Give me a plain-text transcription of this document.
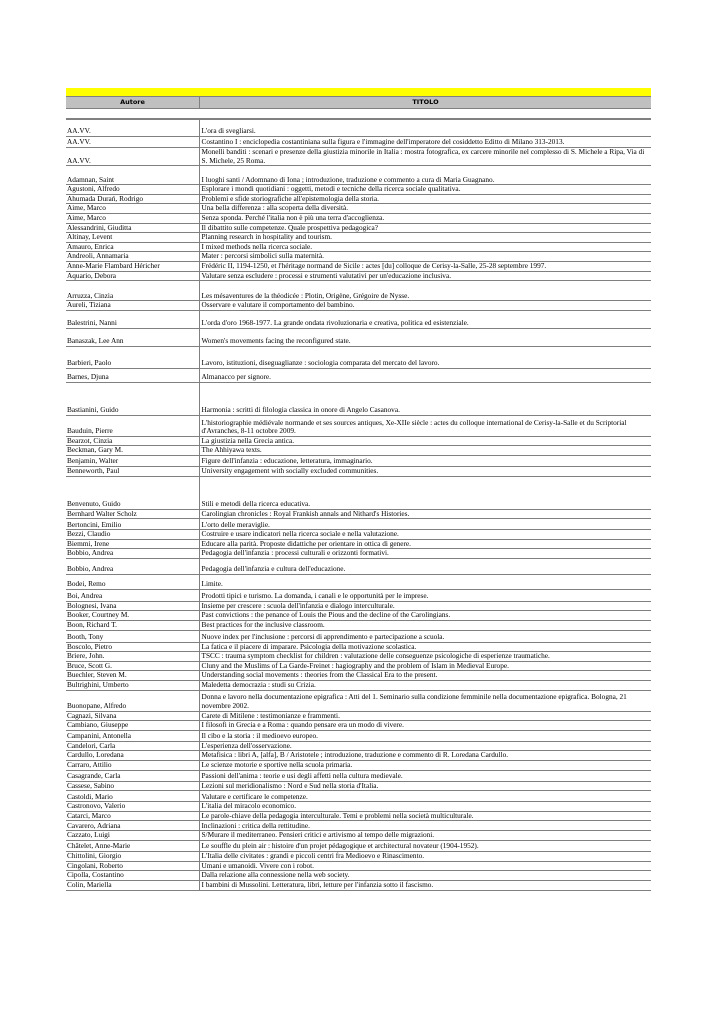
Autore	TITOLO
AA.VV.	L'ora di svegliarsi.
AA.VV.	Costantino I : enciclopedia costantiniana sulla figura e l'immagine dell'imperatore del cosiddetto Editto di Milano 313-2013.
AA.VV.	Monelli banditi : scenari e presenze della giustizia minorile in Italia : mostra fotografica, ex carcere minorile nel complesso di S. Michele a Ripa, Via di S. Michele, 25 Roma.
Adamnan, Saint	I luoghi santi / Adomnano di Iona ; introduzione, traduzione e commento a cura di Maria Guagnano.
Agustoni, Alfredo	Esplorare i mondi quotidiani : oggetti, metodi e tecniche della ricerca sociale qualitativa.
Ahumada Durań, Rodrigo	Problemi e sfide storiografiche all'epistemologia della storia.
Aime, Marco	Una bella differenza : alla scoperta della diversità.
Aime, Marco	Senza sponda. Perché l'italia non è più una terra d'accoglienza.
Alessandrini, Giuditta	Il dibattito sulle competenze. Quale prospettiva pedagogica?
Altinay, Levent	Planning research in hospitality and tourism.
Amauro, Enrica	I mixed methods nella ricerca sociale.
Andreoli, Annamaria	Mater : percorsi simbolici sulla maternità.
Anne-Marie Flambard Héricher	Frédéric II, 1194-1250, et l'héritage normand de Sicile : actes [du] colloque de Cerisy-la-Salle, 25-28 septembre 1997.
Aquario, Debora	Valutare senza escludere : processi e strumenti valutativi per un'educazione inclusiva.
Arruzza, Cinzia	Les mésaventures de la théodicée : Plotin, Origène, Grégoire de Nysse.
Aureli, Tiziana	Osservare e valutare il comportamento del bambino.
Balestrini, Nanni	L'orda d'oro 1968-1977. La grande ondata rivoluzionaria e creativa, politica ed esistenziale.
Banaszak, Lee Ann	Women's movements facing the reconfigured state.
Barbieri, Paolo	Lavoro, istituzioni, diseguaglianze : sociologia comparata del mercato del lavoro.
Barnes, Djuna	Almanacco per signore.
Bastianini, Guido	Harmonia : scritti di filologia classica in onore di Angelo Casanova.
Bauduin, Pierre	L'historiographie médiévale normande et ses sources antiques, Xe-XIIe siècle : actes du colloque international de Cerisy-la-Salle et du Scriptorial d'Avranches, 8-11 octobre 2009.
Bearzot, Cinzia	La giustizia nella Grecia antica.
Beckman, Gary M.	The Ahhiyawa texts.
Benjamin, Walter	Figure dell'infanzia : educazione, letteratura, immaginario.
Benneworth, Paul	University engagement with socially excluded communities.
Benvenuto, Guido	Stili e metodi della ricerca educativa.
Bernhard Walter Scholz	Carolingian chronicles : Royal Frankish annals and Nithard's Histories.
Bertoncini, Emilio	L'orto delle meraviglie.
Bezzi, Claudio	Costruire e usare indicatori nella ricerca sociale e nella valutazione.
Biemmi, Irene	Educare alla parità. Proposte didattiche per orientare in ottica di genere.
Bobbio, Andrea	Pedagogia dell'infanzia : processi culturali e orizzonti formativi.
Bobbio, Andrea	Pedagogia dell'infanzia e cultura dell'educazione.
Bodei, Remo	Limite.
Boi, Andrea	Prodotti tipici e turismo. La domanda, i canali e le opportunità per le imprese.
Bolognesi, Ivana	Insieme per crescere : scuola dell'infanzia e dialogo interculturale.
Booker, Courtney M.	Past convictions : the penance of Louis the Pious and the decline of the Carolingians.
Boon, Richard T.	Best practices for the inclusive classroom.
Booth, Tony	Nuove index per l'inclusione : percorsi di apprendimento e partecipazione a scuola.
Boscolo, Pietro	La fatica e il piacere di imparare. Psicologia della motivazione scolastica.
Briere, John.	TSCC : trauma symptom checklist for children : valutazione delle conseguenze psicologiche di esperienze traumatiche.
Bruce, Scott G.	Cluny and the Muslims of La Garde-Freinet : hagiography and the problem of Islam in Medieval Europe.
Buechler, Steven M.	Understanding social movements : theories from the Classical Era to the present.
Bultrighini, Umberto	Maledetta democrazia : studi su Crizia.
Buonopane, Alfredo	Donna e lavoro nella documentazione epigrafica : Atti del 1. Seminario sulla condizione femminile nella documentazione epigrafica. Bologna, 21 novembre 2002.
Cagnazi, Silvana	Carete di Mitilene : testimonianze e frammenti.
Cambiano, Giuseppe	I filosofi in Grecia e a Roma : quando pensare era un modo di vivere.
Campanini, Antonella	Il cibo e la storia : il medioevo europeo.
Candelori, Carla	L'esperienza dell'osservazione.
Cardullo, Loredana	Metafisica : libri A, [alfa], B / Aristotele ; introduzione, traduzione e commento di R. Loredana Cardullo.
Carraro, Attilio	Le scienze motorie e sportive nella scuola primaria.
Casagrande, Carla	Passioni dell'anima : teorie e usi degli affetti nella cultura medievale.
Cassese, Sabino	Lezioni sul meridionalismo : Nord e Sud nella storia d'Italia.
Castoldi, Mario	Valutare e certificare le competenze.
Castronovo, Valerio	L'italia del miracolo economico.
Catarci, Marco	Le parole-chiave della pedagogia interculturale. Temi e problemi nella società multiculturale.
Cavarero, Adriana	Inclinazioni : critica della rettitudine.
Cazzato, Luigi	S/Murare il mediterraneo. Pensieri critici e artivismo al tempo delle migrazioni.
Châtelet, Anne-Marie	Le souffle du plein air : histoire d'un projet pédagogique et architectural novateur (1904-1952).
Chittolini, Giorgio	L'Italia delle civitates : grandi e piccoli centri fra Medioevo e Rinascimento.
Cingolani, Roberto	Umani e umanoidi. Vivere con i robot.
Cipolla, Costantino	Dalla relazione alla connessione nella web society.
Colin, Mariella	I bambini di Mussolini. Letteratura, libri, letture per l'infanzia sotto il fascismo.
